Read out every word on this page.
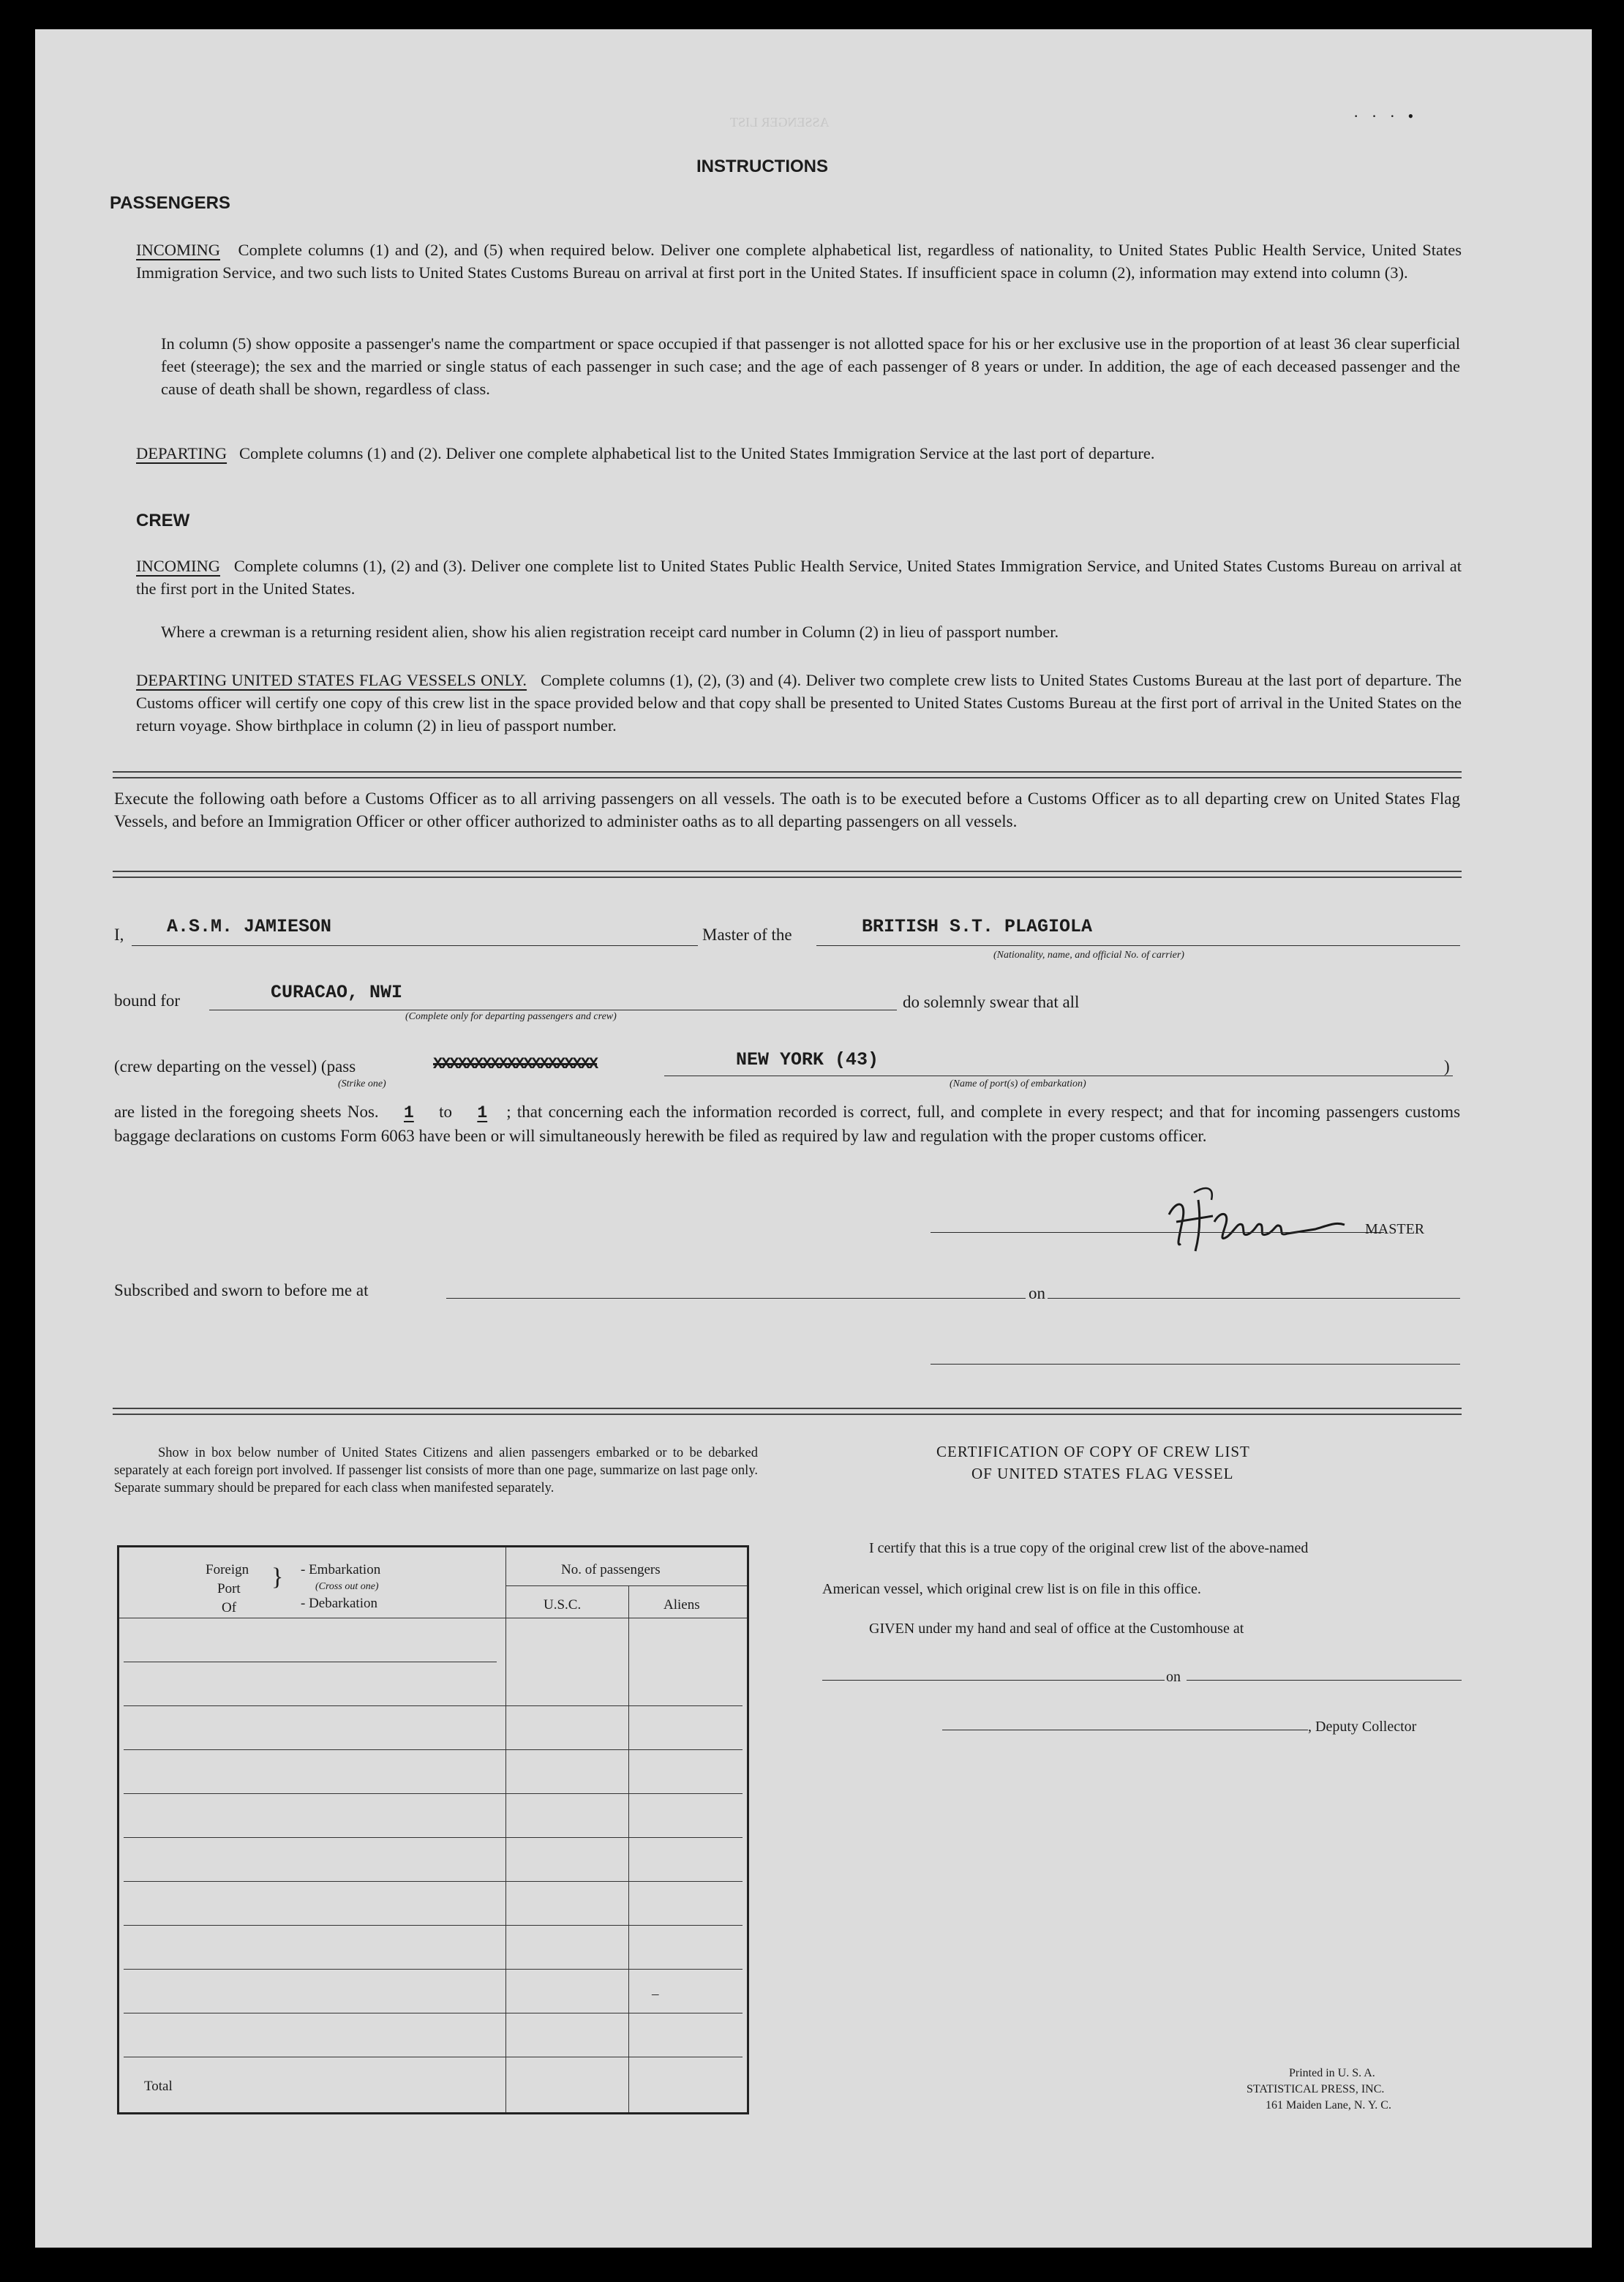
ASSENGER LIST	· · · •
INSTRUCTIONS
PASSENGERS
INCOMING Complete columns (1) and (2), and (5) when required below. Deliver one complete alphabetical list, regardless of nationality, to United States Public Health Service, United States Immigration Service, and two such lists to United States Customs Bureau on arrival at first port in the United States. If insufficient space in column (2), information may extend into column (3).
In column (5) show opposite a passenger's name the compartment or space occupied if that passenger is not allotted space for his or her exclusive use in the proportion of at least 36 clear superficial feet (steerage); the sex and the married or single status of each passenger in such case; and the age of each passenger of 8 years or under. In addition, the age of each deceased passenger and the cause of death shall be shown, regardless of class.
DEPARTING Complete columns (1) and (2). Deliver one complete alphabetical list to the United States Immigration Service at the last port of departure.
CREW
INCOMING Complete columns (1), (2) and (3). Deliver one complete list to United States Public Health Service, United States Immigration Service, and United States Customs Bureau on arrival at the first port in the United States.
Where a crewman is a returning resident alien, show his alien registration receipt card number in Column (2) in lieu of passport number.
DEPARTING UNITED STATES FLAG VESSELS ONLY. Complete columns (1), (2), (3) and (4). Deliver two complete crew lists to United States Customs Bureau at the last port of departure. The Customs officer will certify one copy of this crew list in the space provided below and that copy shall be presented to United States Customs Bureau at the first port of arrival in the United States on the return voyage. Show birthplace in column (2) in lieu of passport number.
Execute the following oath before a Customs Officer as to all arriving passengers on all vessels. The oath is to be executed before a Customs Officer as to all departing crew on United States Flag Vessels, and before an Immigration Officer or other officer authorized to administer oaths as to all departing passengers on all vessels.
I, A.S.M. JAMIESON	Master of the	BRITISH S.T. PLAGIOLA
(Nationality, name, and official No. of carrier)
bound for	CURACAO, NWI
(Complete only for departing passengers and crew)
do solemnly swear that all
(crew departing on the vessel) (pass	XXXXXXXXXXXXXXXXXXXX	NEW YORK (43)
(Strike one)	(Name of port(s) of embarkation)
)
are listed in the foregoing sheets Nos. 1 to 1 ; that concerning each the information recorded is correct, full, and complete in every respect; and that for incoming passengers customs baggage declarations on customs Form 6063 have been or will simultaneously herewith be filed as required by law and regulation with the proper customs officer.
MASTER
Subscribed and sworn to before me at	on
Show in box below number of United States Citizens and alien passengers embarked or to be debarked separately at each foreign port involved. If passenger list consists of more than one page, summarize on last page only. Separate summary should be prepared for each class when manifested separately.
Foreign
Port
Of
} - Embarkation
(Cross out one)
- Debarkation
No. of passengers
U.S.C.	Aliens
–
Total
CERTIFICATION OF COPY OF CREW LIST
OF UNITED STATES FLAG VESSEL
I certify that this is a true copy of the original crew list of the above-named
American vessel, which original crew list is on file in this office.
GIVEN under my hand and seal of office at the Customhouse at
on
, Deputy Collector
Printed in U. S. A.
STATISTICAL PRESS, INC.
161 Maiden Lane, N. Y. C.
